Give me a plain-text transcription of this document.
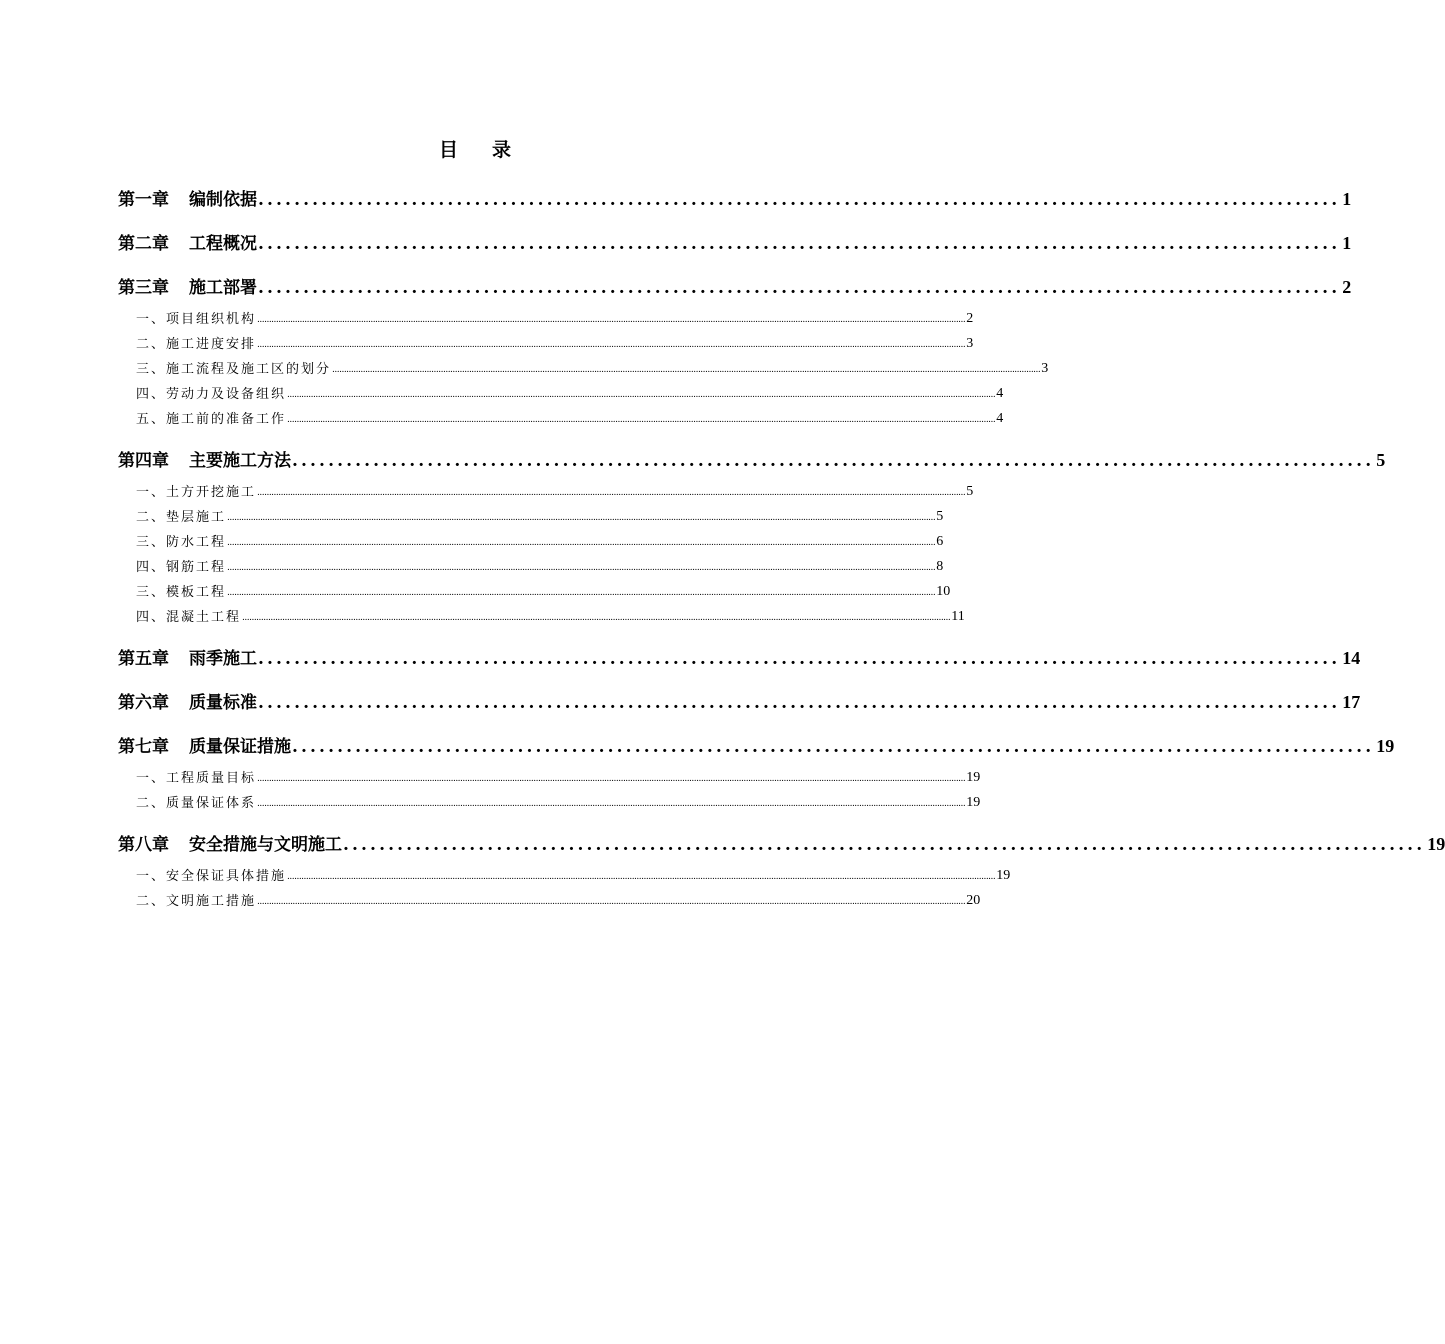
目 录
第一章 编制依据 ........................................................................................................................ 1
第二章 工程概况 ........................................................................................................................ 1
第三章 施工部署 ........................................................................................................................ 2
一、项目组织机构 ............................................................................................................................................................................................................................................................................................................ 2
二、施工进度安排 ............................................................................................................................................................................................................................................................................................................ 3
三、施工流程及施工区的划分 ............................................................................................................................................................................................................................................................................................................ 3
四、劳动力及设备组织 ............................................................................................................................................................................................................................................................................................................ 4
五、施工前的准备工作 ............................................................................................................................................................................................................................................................................................................ 4
第四章 主要施工方法 ........................................................................................................................ 5
一、土方开挖施工 ............................................................................................................................................................................................................................................................................................................ 5
二、垫层施工 ............................................................................................................................................................................................................................................................................................................ 5
三、防水工程 ............................................................................................................................................................................................................................................................................................................ 6
四、钢筋工程 ............................................................................................................................................................................................................................................................................................................ 8
三、模板工程 ............................................................................................................................................................................................................................................................................................................ 10
四、混凝土工程 ............................................................................................................................................................................................................................................................................................................ 11
第五章 雨季施工 ........................................................................................................................ 14
第六章 质量标准 ........................................................................................................................ 17
第七章 质量保证措施 ........................................................................................................................ 19
一、工程质量目标 ............................................................................................................................................................................................................................................................................................................ 19
二、质量保证体系 ............................................................................................................................................................................................................................................................................................................ 19
第八章 安全措施与文明施工 ........................................................................................................................ 19
一、安全保证具体措施 ............................................................................................................................................................................................................................................................................................................ 19
二、文明施工措施 ............................................................................................................................................................................................................................................................................................................ 20
